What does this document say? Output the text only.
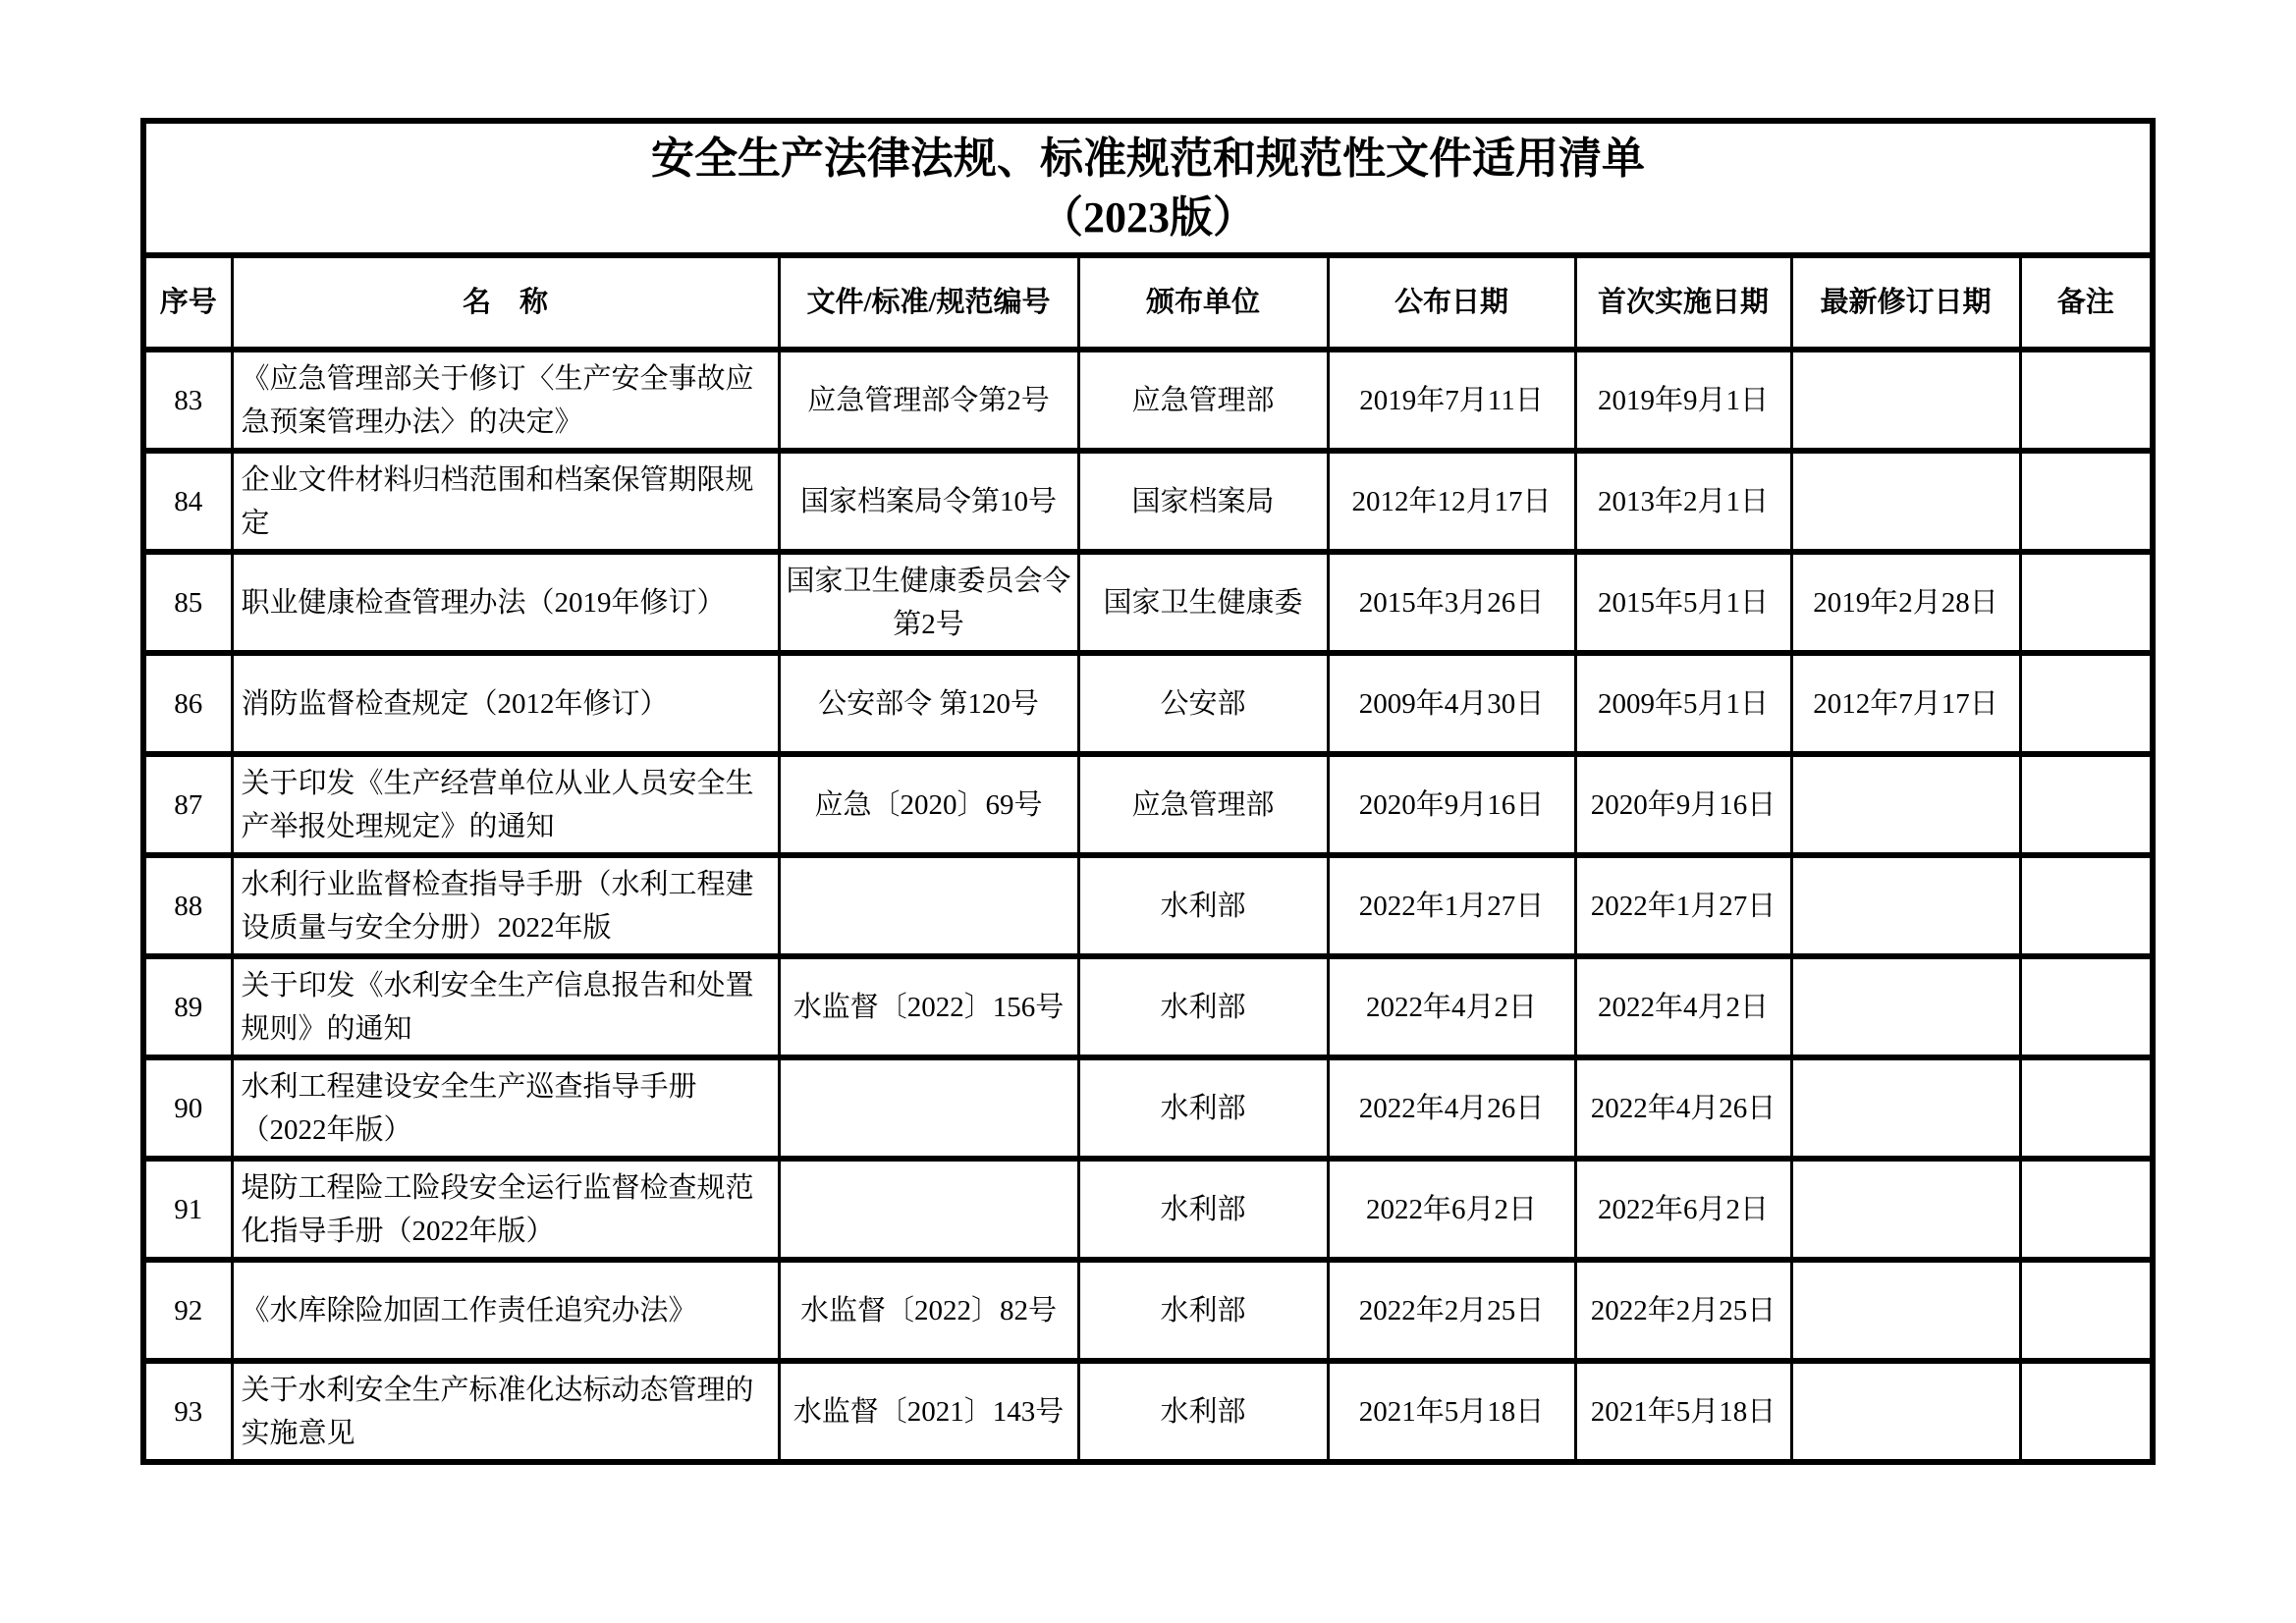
安全生产法律法规、标准规范和规范性文件适用清单
（2023版）							

序号	名　称	文件/标准/规范编号	颁布单位	公布日期	首次实施日期	最新修订日期	备注
83	《应急管理部关于修订〈生产安全事故应急预案管理办法〉的决定》	应急管理部令第2号	应急管理部	2019年7月11日	2019年9月1日		
84	企业文件材料归档范围和档案保管期限规定	国家档案局令第10号	国家档案局	2012年12月17日	2013年2月1日		
85	职业健康检查管理办法（2019年修订）	国家卫生健康委员会令第2号	国家卫生健康委	2015年3月26日	2015年5月1日	2019年2月28日	
86	消防监督检查规定（2012年修订）	公安部令 第120号	公安部	2009年4月30日	2009年5月1日	2012年7月17日	
87	关于印发《生产经营单位从业人员安全生产举报处理规定》的通知	应急〔2020〕69号	应急管理部	2020年9月16日	2020年9月16日		
88	水利行业监督检查指导手册（水利工程建设质量与安全分册）2022年版		水利部	2022年1月27日	2022年1月27日		
89	关于印发《水利安全生产信息报告和处置规则》的通知	水监督〔2022〕156号	水利部	2022年4月2日	2022年4月2日		
90	水利工程建设安全生产巡查指导手册（2022年版）		水利部	2022年4月26日	2022年4月26日		
91	堤防工程险工险段安全运行监督检查规范化指导手册（2022年版）		水利部	2022年6月2日	2022年6月2日		
92	《水库除险加固工作责任追究办法》	水监督〔2022〕82号	水利部	2022年2月25日	2022年2月25日		
93	关于水利安全生产标准化达标动态管理的实施意见	水监督〔2021〕143号	水利部	2021年5月18日	2021年5月18日		
